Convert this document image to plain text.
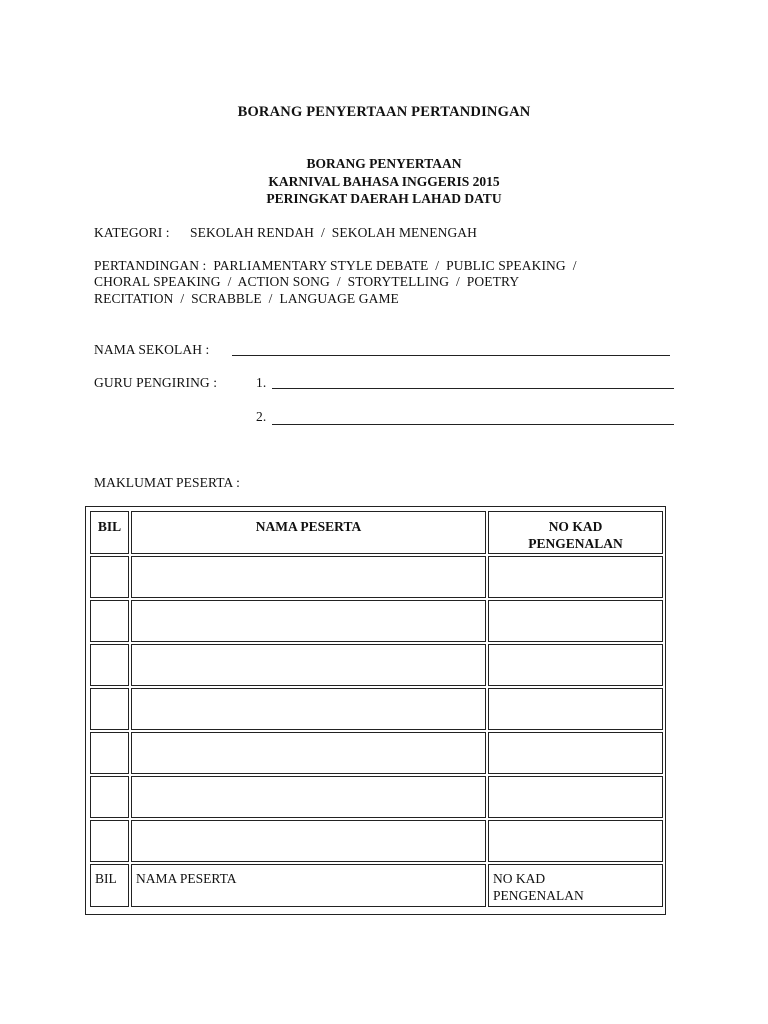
BORANG PENYERTAAN PERTANDINGAN
BORANG PENYERTAAN
KARNIVAL BAHASA INGGERIS 2015
PERINGKAT DAERAH LAHAD DATU
KATEGORI : SEKOLAH RENDAH  /  SEKOLAH MENENGAH
PERTANDINGAN :  PARLIAMENTARY STYLE DEBATE  /  PUBLIC SPEAKING  /
CHORAL SPEAKING  /  ACTION SONG  /  STORYTELLING  /  POETRY
RECITATION  /  SCRABBLE  /  LANGUAGE GAME
NAMA SEKOLAH :
GURU PENGIRING :	1.
2.
MAKLUMAT PESERTA :
BIL	NAMA PESERTA	NO KAD PENGENALAN

BIL	NAMA PESERTA	NO KAD PENGENALAN
